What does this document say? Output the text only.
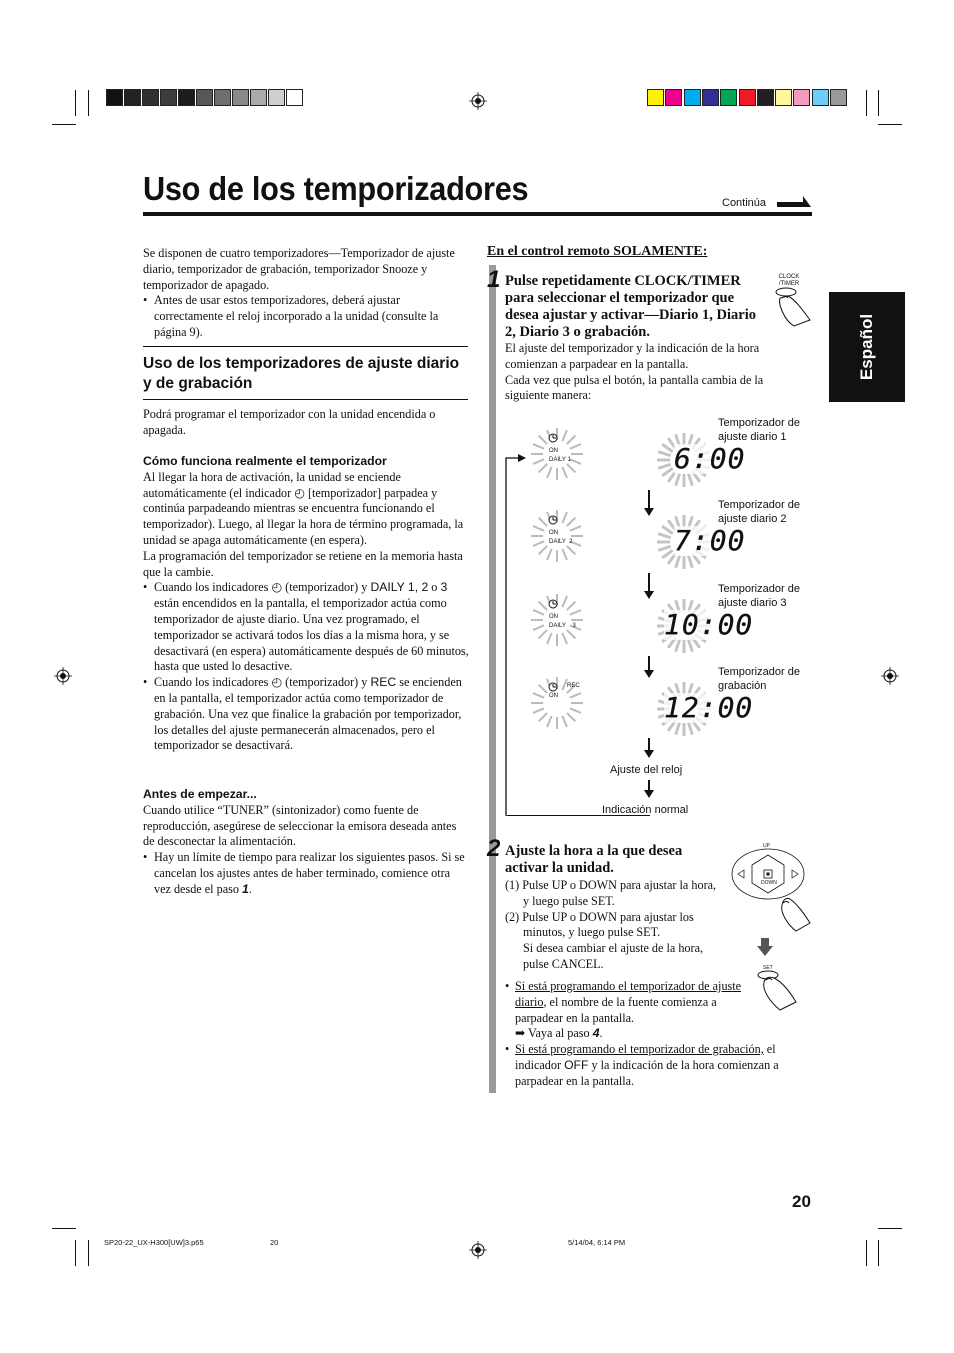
Uso de los temporizadores	Continúa
Español

Se disponen de cuatro temporizadores—Temporizador de ajuste diario, temporizador de grabación, temporizador Snooze y temporizador de apagado.

• Antes de usar estos temporizadores, deberá ajustar correctamente el reloj incorporado a la unidad (consulte la página 9).

Uso de los temporizadores de ajuste diario y de grabación
Podrá programar el temporizador con la unidad encendida o apagada.

Cómo funciona realmente el temporizador

Al llegar la hora de activación, la unidad se enciende automáticamente (el indicador ◴ [temporizador] parpadea y continúa parpadeando mientras se encuentra funcionando el temporizador). Luego, al llegar la hora de término programada, la unidad se apaga automáticamente (en espera).

La programación del temporizador se retiene en la memoria hasta que la cambie.

• Cuando los indicadores ◴ (temporizador) y DAILY 1, 2 o 3 están encendidos en la pantalla, el temporizador actúa como temporizador de ajuste diario. Una vez programado, el temporizador se activará todos los días a la misma hora, y se desactivará (en espera) automáticamente después de 60 minutos, hasta que usted lo desactive.

• Cuando los indicadores ◴ (temporizador) y REC se encienden en la pantalla, el temporizador actúa como temporizador de grabación. Una vez que finalice la grabación por temporizador, los detalles del ajuste permanecerán almacenados, pero el temporizador se desactivará.

Antes de empezar...

Cuando utilice “TUNER” (sintonizador) como fuente de reproducción, asegúrese de seleccionar la emisora deseada antes de desconectar la alimentación.

• Hay un límite de tiempo para realizar los siguientes pasos. Si se cancelan los ajustes antes de haber terminado, comience otra vez desde el paso 1.

En el control remoto SOLAMENTE:
1 Pulse repetidamente CLOCK/TIMER para seleccionar el temporizador que desea ajustar y activar—Diario 1, Diario 2, Diario 3 o grabación.

El ajuste del temporizador y la indicación de la hora comienzan a parpadear en la pantalla.

Cada vez que pulsa el botón, la pantalla cambia de la siguiente manera:

CLOCK /TIMER
ON
DAILY 1	6:00
Temporizador de ajuste diario 1
ON
DAILY  2	7:00
Temporizador de ajuste diario 2
ON
DAILY    3	10:00
Temporizador de ajuste diario 3
ON
REC
12:00
Temporizador de grabación
Ajuste del reloj
Indicación normal
2 Ajuste la hora a la que desea activar la unidad.

(1) Pulse UP o DOWN para ajustar la hora, y luego pulse SET.

(2) Pulse UP o DOWN para ajustar los minutos, y luego pulse SET.

Si desea cambiar el ajuste de la hora, pulse CANCEL.

UP
DOWN
SET

• Si está programando el temporizador de ajuste diario, el nombre de la fuente comienza a parpadear en la pantalla.

➡ Vaya al paso 4.

• Si está programando el temporizador de grabación, el indicador OFF y la indicación de la hora comienzan a parpadear en la pantalla.

20
SP20-22_UX-H300[UW]3.p65	20	5/14/04, 6:14 PM
